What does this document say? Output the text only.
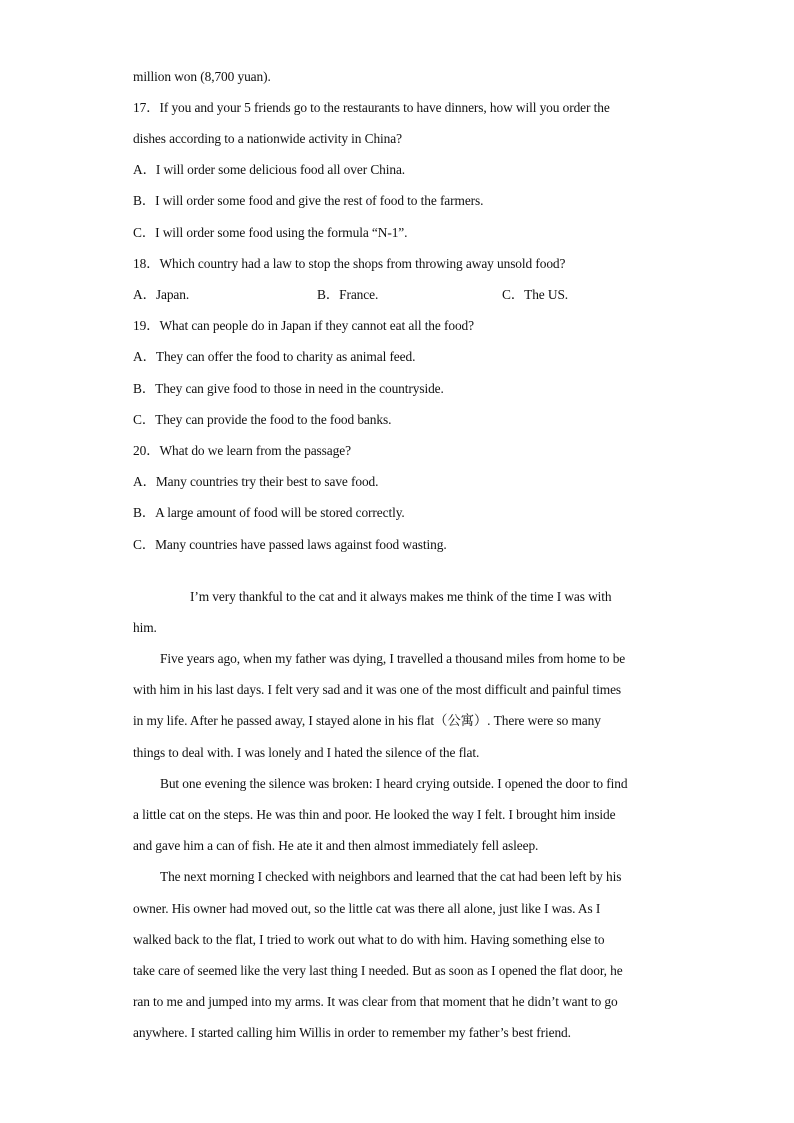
million won (8,700 yuan).
17．If you and your 5 friends go to the restaurants to have dinners, how will you order the
dishes according to a nationwide activity in China?
A．I will order some delicious food all over China.
B．I will order some food and give the rest of food to the farmers.
C．I will order some food using the formula “N-1”.
18．Which country had a law to stop the shops from throwing away unsold food?
A．Japan.	B．France.	C．The US.
19．What can people do in Japan if they cannot eat all the food?
A．They can offer the food to charity as animal feed.
B．They can give food to those in need in the countryside.
C．They can provide the food to the food banks.
20．What do we learn from the passage?
A．Many countries try their best to save food.
B．A large amount of food will be stored correctly.
C．Many countries have passed laws against food wasting.
I’m very thankful to the cat and it always makes me think of the time I was with
him.
Five years ago, when my father was dying, I travelled a thousand miles from home to be
with him in his last days. I felt very sad and it was one of the most difficult and painful times
in my life. After he passed away, I stayed alone in his flat（公寓）. There were so many
things to deal with. I was lonely and I hated the silence of the flat.
But one evening the silence was broken: I heard crying outside. I opened the door to find
a little cat on the steps. He was thin and poor. He looked the way I felt. I brought him inside
and gave him a can of fish. He ate it and then almost immediately fell asleep.
The next morning I checked with neighbors and learned that the cat had been left by his
owner. His owner had moved out, so the little cat was there all alone, just like I was. As I
walked back to the flat, I tried to work out what to do with him. Having something else to
take care of seemed like the very last thing I needed. But as soon as I opened the flat door, he
ran to me and jumped into my arms. It was clear from that moment that he didn’t want to go
anywhere. I started calling him Willis in order to remember my father’s best friend.
